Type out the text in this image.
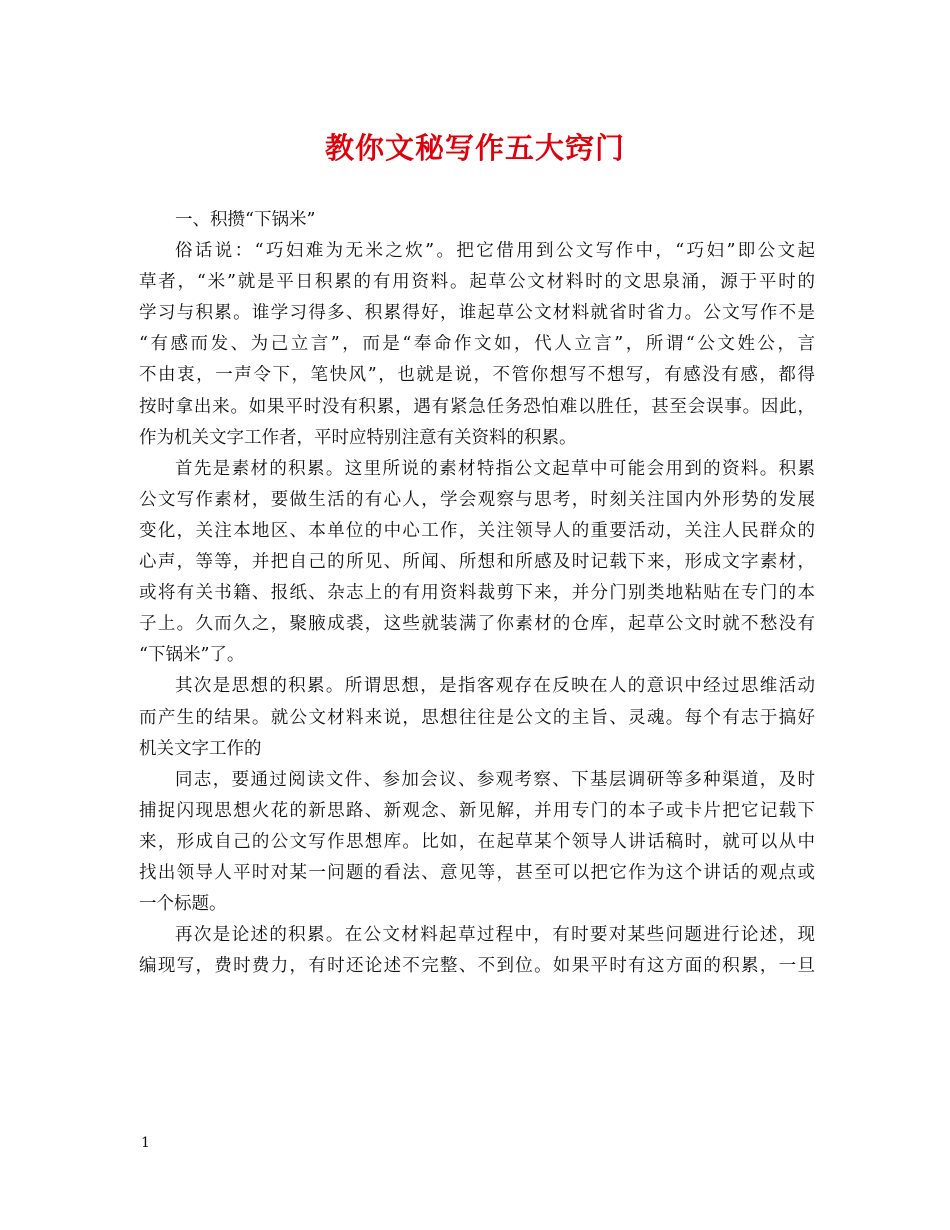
教你文秘写作五大窍门
一、积攒“下锅米”
俗话说：“巧妇难为无米之炊”。把它借用到公文写作中，“巧妇”即公文起
草者，“米”就是平日积累的有用资料。起草公文材料时的文思泉涌，源于平时的
学习与积累。谁学习得多、积累得好，谁起草公文材料就省时省力。公文写作不是
“有感而发、为己立言”，而是“奉命作文如，代人立言”，所谓“公文姓公，言
不由衷，一声令下，笔快风”，也就是说，不管你想写不想写，有感没有感，都得
按时拿出来。如果平时没有积累，遇有紧急任务恐怕难以胜任，甚至会误事。因此，
作为机关文字工作者，平时应特别注意有关资料的积累。
首先是素材的积累。这里所说的素材特指公文起草中可能会用到的资料。积累
公文写作素材，要做生活的有心人，学会观察与思考，时刻关注国内外形势的发展
变化，关注本地区、本单位的中心工作，关注领导人的重要活动，关注人民群众的
心声，等等，并把自己的所见、所闻、所想和所感及时记载下来，形成文字素材，
或将有关书籍、报纸、杂志上的有用资料裁剪下来，并分门别类地粘贴在专门的本
子上。久而久之，聚腋成裘，这些就装满了你素材的仓库，起草公文时就不愁没有
“下锅米”了。
其次是思想的积累。所谓思想，是指客观存在反映在人的意识中经过思维活动
而产生的结果。就公文材料来说，思想往往是公文的主旨、灵魂。每个有志于搞好
机关文字工作的
同志，要通过阅读文件、参加会议、参观考察、下基层调研等多种渠道，及时
捕捉闪现思想火花的新思路、新观念、新见解，并用专门的本子或卡片把它记载下
来，形成自己的公文写作思想库。比如，在起草某个领导人讲话稿时，就可以从中
找出领导人平时对某一问题的看法、意见等，甚至可以把它作为这个讲话的观点或
一个标题。
再次是论述的积累。在公文材料起草过程中，有时要对某些问题进行论述，现
编现写，费时费力，有时还论述不完整、不到位。如果平时有这方面的积累，一旦
1
